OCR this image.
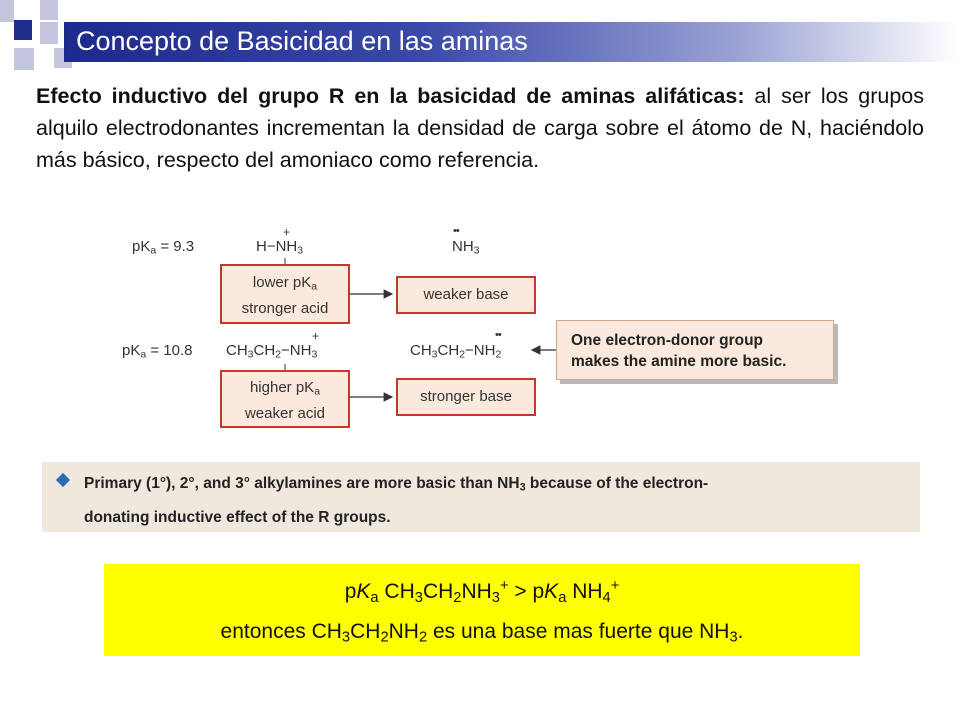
Concepto de Basicidad en las aminas
Efecto inductivo del grupo R en la basicidad de aminas alifáticas: al ser los grupos alquilo electrodonantes incrementan la densidad de carga sobre el átomo de N, haciéndolo más básico, respecto del amoniaco como referencia.
$pK_a = 9.3$	$H-NH_3$
+
$NH_3$
••
lower $pK_a$
stronger acid
weaker base
$pK_a = 10.8$ $CH_3CH_2-NH_3$
+
$CH_3CH_2-NH_2$
••
higher $pK_a$
weaker acid
stronger base
One electron-donor group
makes the amine more basic.
Primary (1°), 2°, and 3° alkylamines are more basic than $NH_3$ because of the electron-
donating inductive effect of the R groups.
$pK_a$ $CH_3CH_2NH_3^+ > pK_a$ $NH_4^+$
entonces $CH_3CH_2NH_2$ es una base mas fuerte que $NH_3$.
